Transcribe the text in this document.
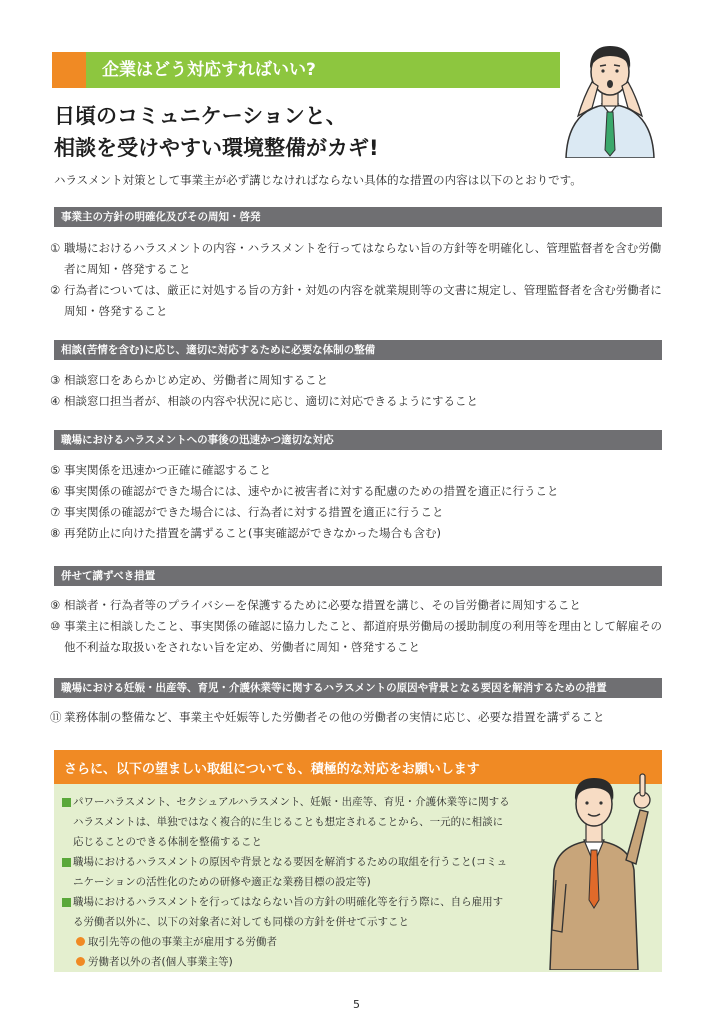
企業はどう対応すればいい?
日頃のコミュニケーションと、
相談を受けやすい環境整備がカギ!
ハラスメント対策として事業主が必ず講じなければならない具体的な措置の内容は以下のとおりです。
事業主の方針の明確化及びその周知・啓発
① 職場におけるハラスメントの内容・ハラスメントを行ってはならない旨の方針等を明確化し、管理監督者を含む労働者に周知・啓発すること
② 行為者については、厳正に対処する旨の方針・対処の内容を就業規則等の文書に規定し、管理監督者を含む労働者に周知・啓発すること
相談(苦情を含む)に応じ、適切に対応するために必要な体制の整備
③ 相談窓口をあらかじめ定め、労働者に周知すること
④ 相談窓口担当者が、相談の内容や状況に応じ、適切に対応できるようにすること
職場におけるハラスメントへの事後の迅速かつ適切な対応
⑤ 事実関係を迅速かつ正確に確認すること
⑥ 事実関係の確認ができた場合には、速やかに被害者に対する配慮のための措置を適正に行うこと
⑦ 事実関係の確認ができた場合には、行為者に対する措置を適正に行うこと
⑧ 再発防止に向けた措置を講ずること(事実確認ができなかった場合も含む)
併せて講ずべき措置
⑨ 相談者・行為者等のプライバシーを保護するために必要な措置を講じ、その旨労働者に周知すること
⑩ 事業主に相談したこと、事実関係の確認に協力したこと、都道府県労働局の援助制度の利用等を理由として解雇その他不利益な取扱いをされない旨を定め、労働者に周知・啓発すること
職場における妊娠・出産等、育児・介護休業等に関するハラスメントの原因や背景となる要因を解消するための措置
⑪ 業務体制の整備など、事業主や妊娠等した労働者その他の労働者の実情に応じ、必要な措置を講ずること
さらに、以下の望ましい取組についても、積極的な対応をお願いします
パワーハラスメント、セクシュアルハラスメント、妊娠・出産等、育児・介護休業等に関するハラスメントは、単独ではなく複合的に生じることも想定されることから、一元的に相談に応じることのできる体制を整備すること
職場におけるハラスメントの原因や背景となる要因を解消するための取組を行うこと(コミュニケーションの活性化のための研修や適正な業務目標の設定等)
職場におけるハラスメントを行ってはならない旨の方針の明確化等を行う際に、自ら雇用する労働者以外に、以下の対象者に対しても同様の方針を併せて示すこと
取引先等の他の事業主が雇用する労働者
労働者以外の者(個人事業主等)
5
